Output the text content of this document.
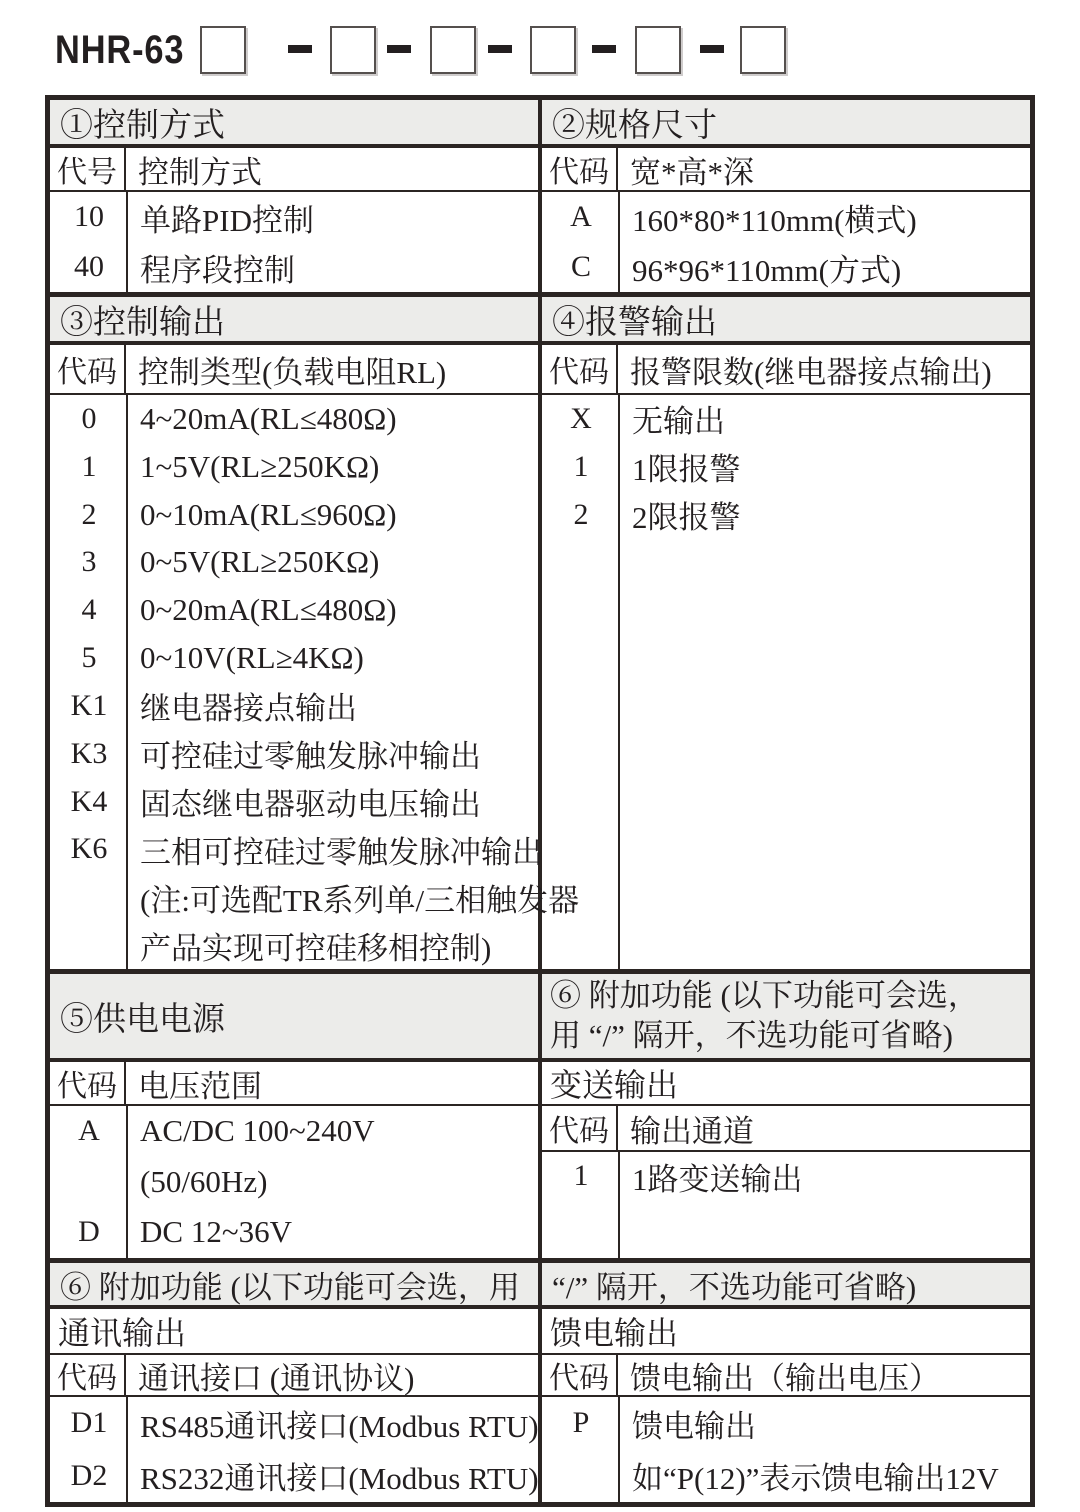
NHR-63
①控制方式
代号 控制方式
10	单路PID控制
40	程序段控制
②规格尺寸
代码 宽*高*深
A	160*80*110mm(横式)
C	96*96*110mm(方式)
③控制输出
代码 控制类型(负载电阻RL)
0	4~20mA(RL≤480Ω)
1	1~5V(RL≥250KΩ)
2	0~10mA(RL≤960Ω)
3	0~5V(RL≥250KΩ)
4	0~20mA(RL≤480Ω)
5	0~10V(RL≥4KΩ)
K1	继电器接点输出
K3	可控硅过零触发脉冲输出
K4	固态继电器驱动电压输出
K6	三相可控硅过零触发脉冲输出
(注:可选配TR系列单/三相触发器
产品实现可控硅移相控制)
④报警输出
代码 报警限数(继电器接点输出)
X	无输出
1	1限报警
2	2限报警
⑤供电电源
代码 电压范围
A	AC/DC 100~240V
(50/60Hz)
D	DC 12~36V
⑥ 附加功能 (以下功能可会选，
用 “/” 隔开，不选功能可省略)
变送输出
代码 输出通道
1	1路变送输出
⑥ 附加功能 (以下功能可会选，用
通讯输出
代码 通讯接口 (通讯协议)
D1	RS485通讯接口(Modbus RTU)
D2	RS232通讯接口(Modbus RTU)
“/” 隔开，不选功能可省略)
馈电输出
代码 馈电输出（输出电压）
P	馈电输出
如“P(12)”表示馈电输出12V
